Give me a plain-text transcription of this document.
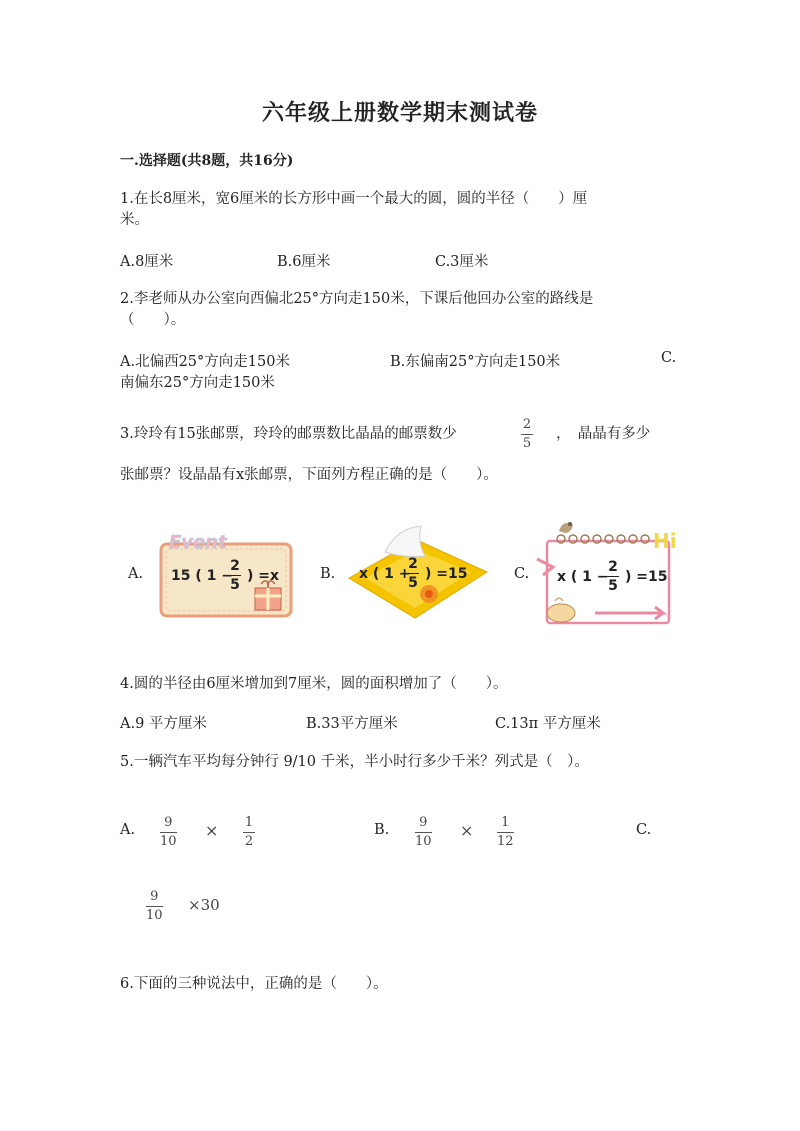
六年级上册数学期末测试卷
一.选择题(共8题，共16分)
1.在长8厘米，宽6厘米的长方形中画一个最大的圆，圆的半径（　　）厘
米。
A.8厘米	B.6厘米	C.3厘米
2.李老师从办公室向西偏北25°方向走150米，下课后他回办公室的路线是
（　　）。
A.北偏西25°方向走150米	B.东偏南25°方向走150米	C.
南偏东25°方向走150米
3.玲玲有15张邮票，玲玲的邮票数比晶晶的邮票数少
2
5
，　晶晶有多少
张邮票？设晶晶有x张邮票，下面列方程正确的是（　　）。
A.	B.	C.
Event
15 ( 1 −
2
5
) =x	x ( 1 +
2
5
) =15
Hi
x ( 1 −
2
5
) =15
4.圆的半径由6厘米增加到7厘米，圆的面积增加了（　　）。
A.9 平方厘米	B.33平方厘米	C.13π 平方厘米
5.一辆汽车平均每分钟行 9/10 千米，半小时行多少千米？列式是（　）。
A. 9
10
× 1
2
B. 9
10
× 1
12
C.
9
10
×30
6.下面的三种说法中，正确的是（　　）。
